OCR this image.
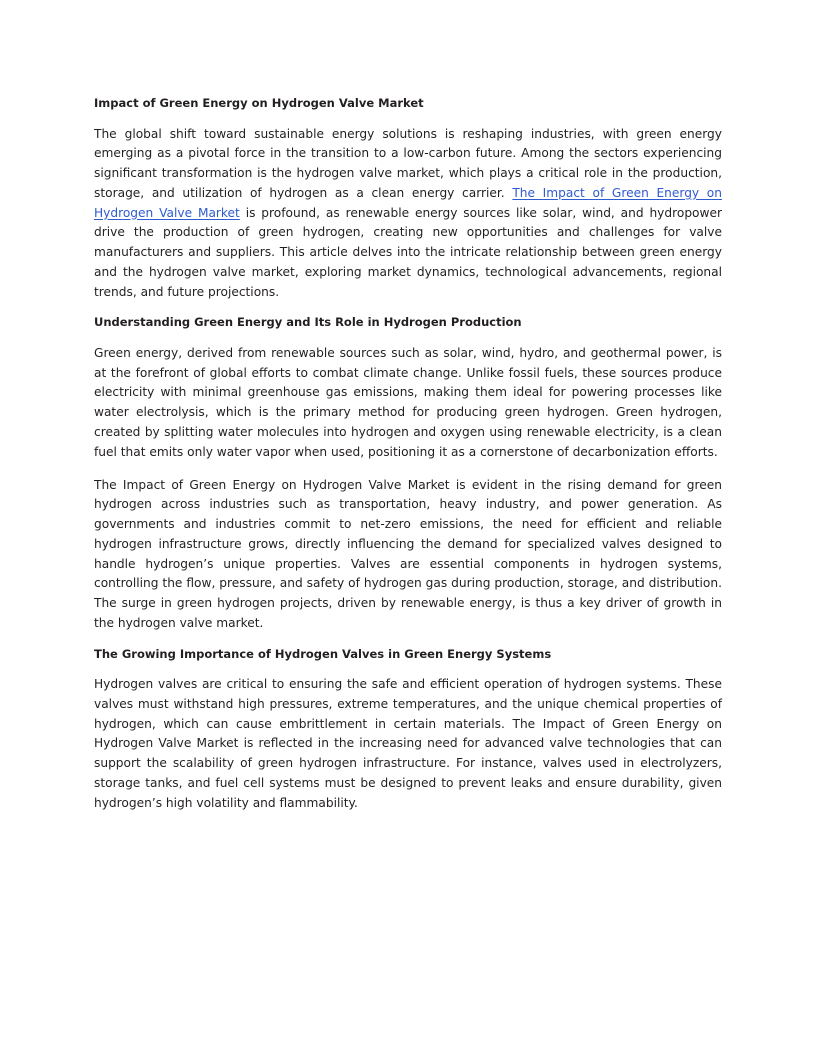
Impact of Green Energy on Hydrogen Valve Market

The global shift toward sustainable energy solutions is reshaping industries, with green energy emerging as a pivotal force in the transition to a low-carbon future. Among the sectors experiencing significant transformation is the hydrogen valve market, which plays a critical role in the production, storage, and utilization of hydrogen as a clean energy carrier. The Impact of Green Energy on Hydrogen Valve Market is profound, as renewable energy sources like solar, wind, and hydropower drive the production of green hydrogen, creating new opportunities and challenges for valve manufacturers and suppliers. This article delves into the intricate relationship between green energy and the hydrogen valve market, exploring market dynamics, technological advancements, regional trends, and future projections.

Understanding Green Energy and Its Role in Hydrogen Production

Green energy, derived from renewable sources such as solar, wind, hydro, and geothermal power, is at the forefront of global efforts to combat climate change. Unlike fossil fuels, these sources produce electricity with minimal greenhouse gas emissions, making them ideal for powering processes like water electrolysis, which is the primary method for producing green hydrogen. Green hydrogen, created by splitting water molecules into hydrogen and oxygen using renewable electricity, is a clean fuel that emits only water vapor when used, positioning it as a cornerstone of decarbonization efforts.

The Impact of Green Energy on Hydrogen Valve Market is evident in the rising demand for green hydrogen across industries such as transportation, heavy industry, and power generation. As governments and industries commit to net-zero emissions, the need for efficient and reliable hydrogen infrastructure grows, directly influencing the demand for specialized valves designed to handle hydrogen’s unique properties. Valves are essential components in hydrogen systems, controlling the flow, pressure, and safety of hydrogen gas during production, storage, and distribution. The surge in green hydrogen projects, driven by renewable energy, is thus a key driver of growth in the hydrogen valve market.

The Growing Importance of Hydrogen Valves in Green Energy Systems

Hydrogen valves are critical to ensuring the safe and efficient operation of hydrogen systems. These valves must withstand high pressures, extreme temperatures, and the unique chemical properties of hydrogen, which can cause embrittlement in certain materials. The Impact of Green Energy on Hydrogen Valve Market is reflected in the increasing need for advanced valve technologies that can support the scalability of green hydrogen infrastructure. For instance, valves used in electrolyzers, storage tanks, and fuel cell systems must be designed to prevent leaks and ensure durability, given hydrogen’s high volatility and flammability.
